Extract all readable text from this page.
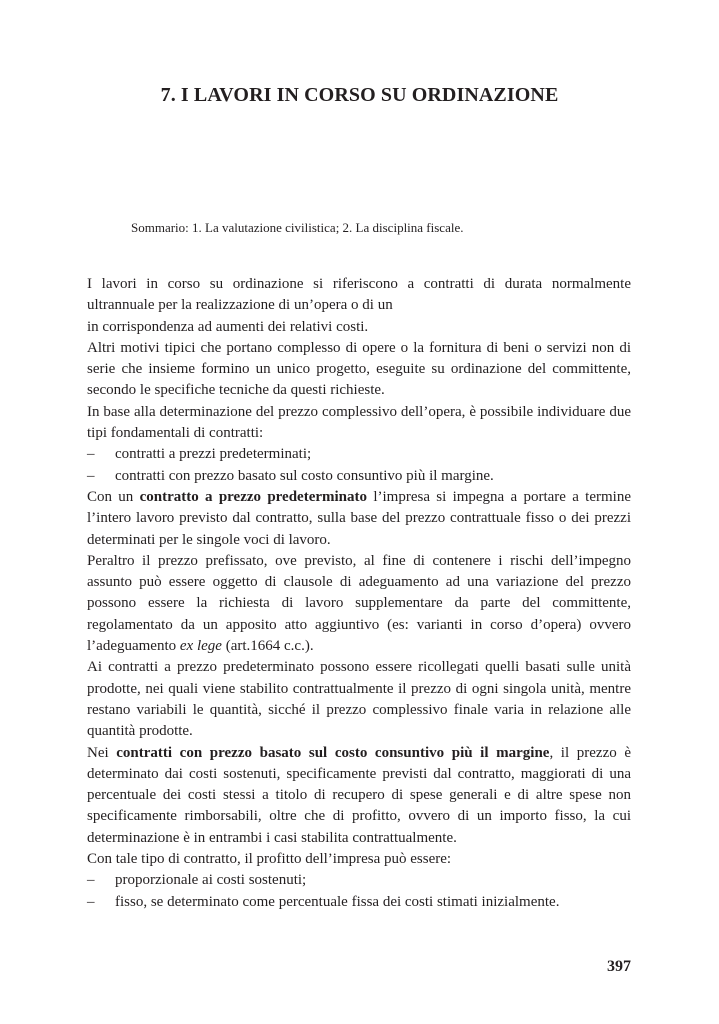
7. I LAVORI IN CORSO SU ORDINAZIONE
Sommario: 1. La valutazione civilistica; 2. La disciplina fiscale.

I lavori in corso su ordinazione si riferiscono a contratti di durata normalmente ultrannuale per la realizzazione di un’opera o di un

in corrispondenza ad aumenti dei relativi costi.

Altri motivi tipici che portano complesso di opere o la fornitura di beni o servizi non di serie che insieme formino un unico progetto, eseguite su ordinazione del committente, secondo le specifiche tecniche da questi richieste.

In base alla determinazione del prezzo complessivo dell’opera, è possibile individuare due tipi fondamentali di contratti:

–	contratti a prezzi predeterminati;
–	contratti con prezzo basato sul costo consuntivo più il margine.

Con un contratto a prezzo predeterminato l’impresa si impegna a portare a termine l’intero lavoro previsto dal contratto, sulla base del prezzo contrattuale fisso o dei prezzi determinati per le singole voci di lavoro.

Peraltro il prezzo prefissato, ove previsto, al fine di contenere i rischi dell’impegno assunto può essere oggetto di clausole di adeguamento ad una variazione del prezzo possono essere la richiesta di lavoro supplementare da parte del committente, regolamentato da un apposito atto aggiuntivo (es: varianti in corso d’opera) ovvero l’adeguamento ex lege (art.1664 c.c.).

Ai contratti a prezzo predeterminato possono essere ricollegati quelli basati sulle unità prodotte, nei quali viene stabilito contrattualmente il prezzo di ogni singola unità, mentre restano variabili le quantità, sicché il prezzo complessivo finale varia in relazione alle quantità prodotte.

Nei contratti con prezzo basato sul costo consuntivo più il margine, il prezzo è determinato dai costi sostenuti, specificamente previsti dal contratto, maggiorati di una percentuale dei costi stessi a titolo di recupero di spese generali e di altre spese non specificamente rimborsabili, oltre che di profitto, ovvero di un importo fisso, la cui determinazione è in entrambi i casi stabilita contrattualmente.

Con tale tipo di contratto, il profitto dell’impresa può essere:

–	proporzionale ai costi sostenuti;
–	fisso, se determinato come percentuale fissa dei costi stimati inizialmente.
397
